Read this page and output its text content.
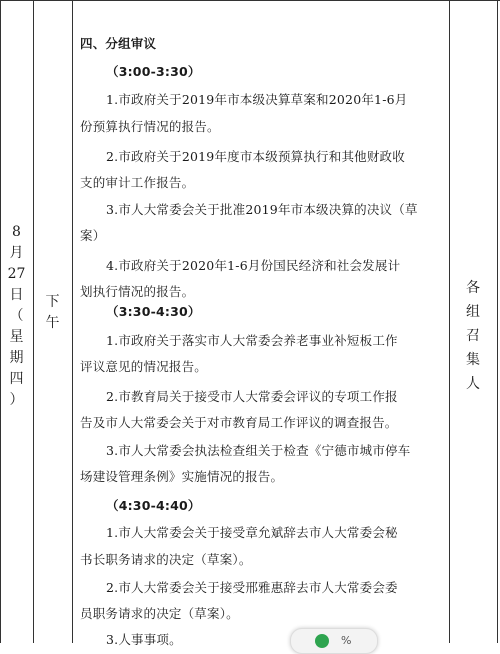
8
月
27
日
（
星
期
四
）
下
午
各
组
召
集
人
四、分组审议
（3:00-3:30）
1.市政府关于2019年市本级决算草案和2020年1-6月
份预算执行情况的报告。
2.市政府关于2019年度市本级预算执行和其他财政收
支的审计工作报告。
3.市人大常委会关于批准2019年市本级决算的决议（草
案）
4.市政府关于2020年1-6月份国民经济和社会发展计
划执行情况的报告。
（3:30-4:30）
1.市政府关于落实市人大常委会养老事业补短板工作
评议意见的情况报告。
2.市教育局关于接受市人大常委会评议的专项工作报
告及市人大常委会关于对市教育局工作评议的调查报告。
3.市人大常委会执法检查组关于检查《宁德市城市停车
场建设管理条例》实施情况的报告。
（4:30-4:40）
1.市人大常委会关于接受章允斌辞去市人大常委会秘
书长职务请求的决定（草案）。
2.市人大常委会关于接受邢雅惠辞去市人大常委会委
员职务请求的决定（草案）。
3.人事事项。	%
